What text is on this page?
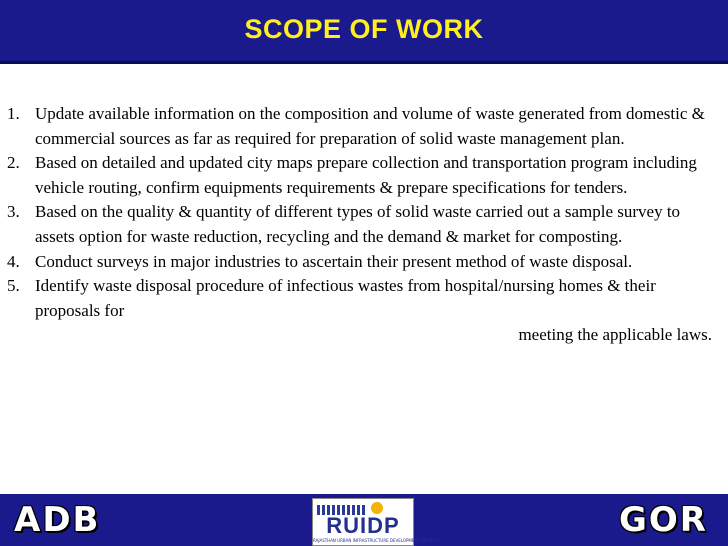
SCOPE OF WORK
1. Update available information on the composition and volume of waste generated from domestic & commercial sources as far as required for preparation of solid waste management plan.
2. Based on detailed and updated city maps prepare collection and transportation program including vehicle routing, confirm equipments requirements & prepare specifications for tenders.
3. Based on the quality & quantity of different types of solid waste carried out a sample survey to assets option for waste reduction, recycling and the demand & market for composting.
4. Conduct surveys in major industries to ascertain their present method of waste disposal.
5. Identify waste disposal procedure of infectious wastes from hospital/nursing homes & their proposals for
meeting the applicable laws.
ADB	GOR
RUIDP
RAJASTHAN URBAN INFRASTRUCTURE DEVELOPMENT PROJECT
